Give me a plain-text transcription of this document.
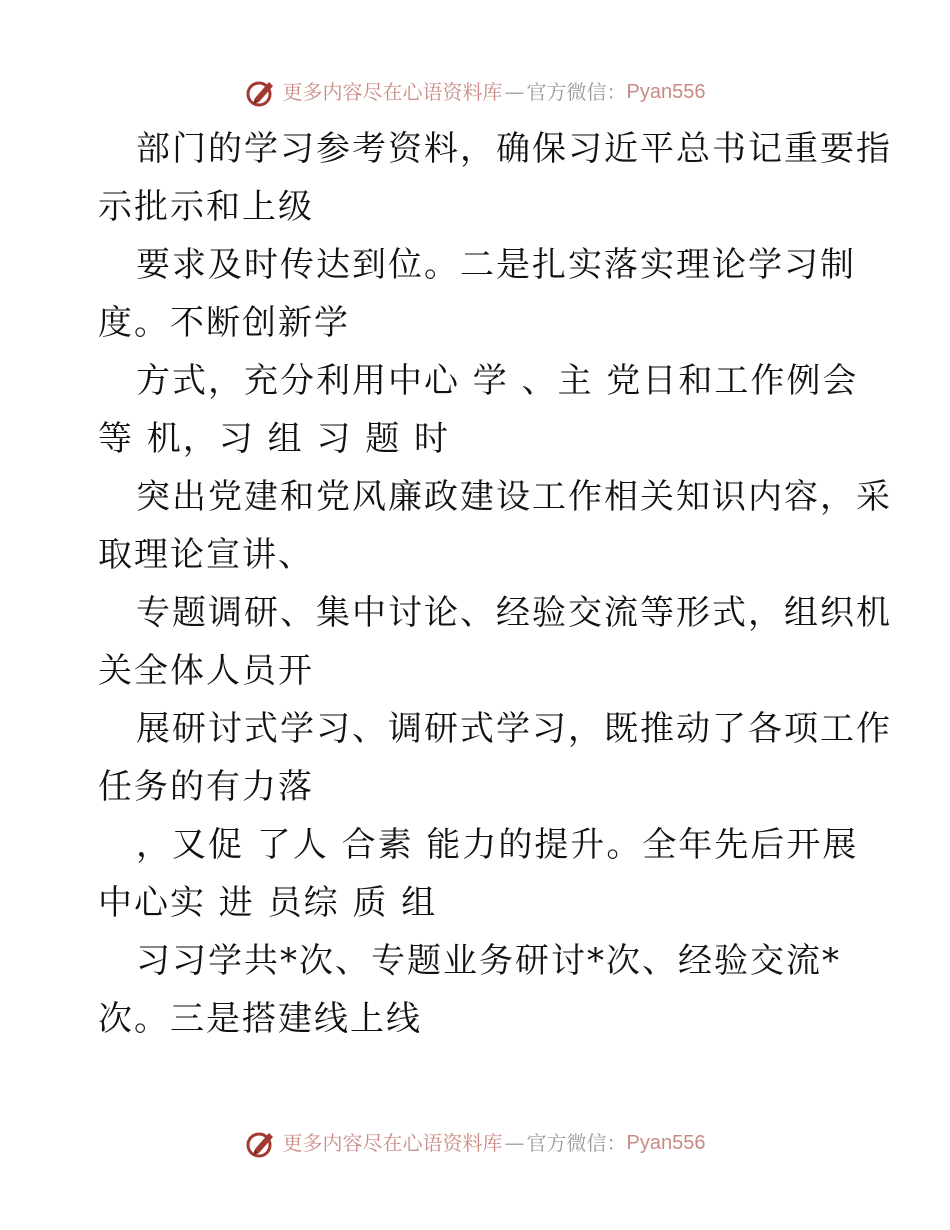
更多内容尽在心语资料库 — 官方微信： Pyan556

部门的学习参考资料，确保习近平总书记重要指

示批示和上级

要求及时传达到位。二是扎实落实理论学习制

度。不断创新学

方式，充分利用中心 学 、主 党日和工作例会

等 机，习 组 习 题 时

突出党建和党风廉政建设工作相关知识内容，采

取理论宣讲、

专题调研、集中讨论、经验交流等形式，组织机

关全体人员开

展研讨式学习、调研式学习，既推动了各项工作

任务的有力落

，又促 了人 合素 能力的提升。全年先后开展

中心实 进 员综 质 组

习习学共*次、专题业务研讨*次、经验交流*

次。三是搭建线上线

更多内容尽在心语资料库 — 官方微信： Pyan556
